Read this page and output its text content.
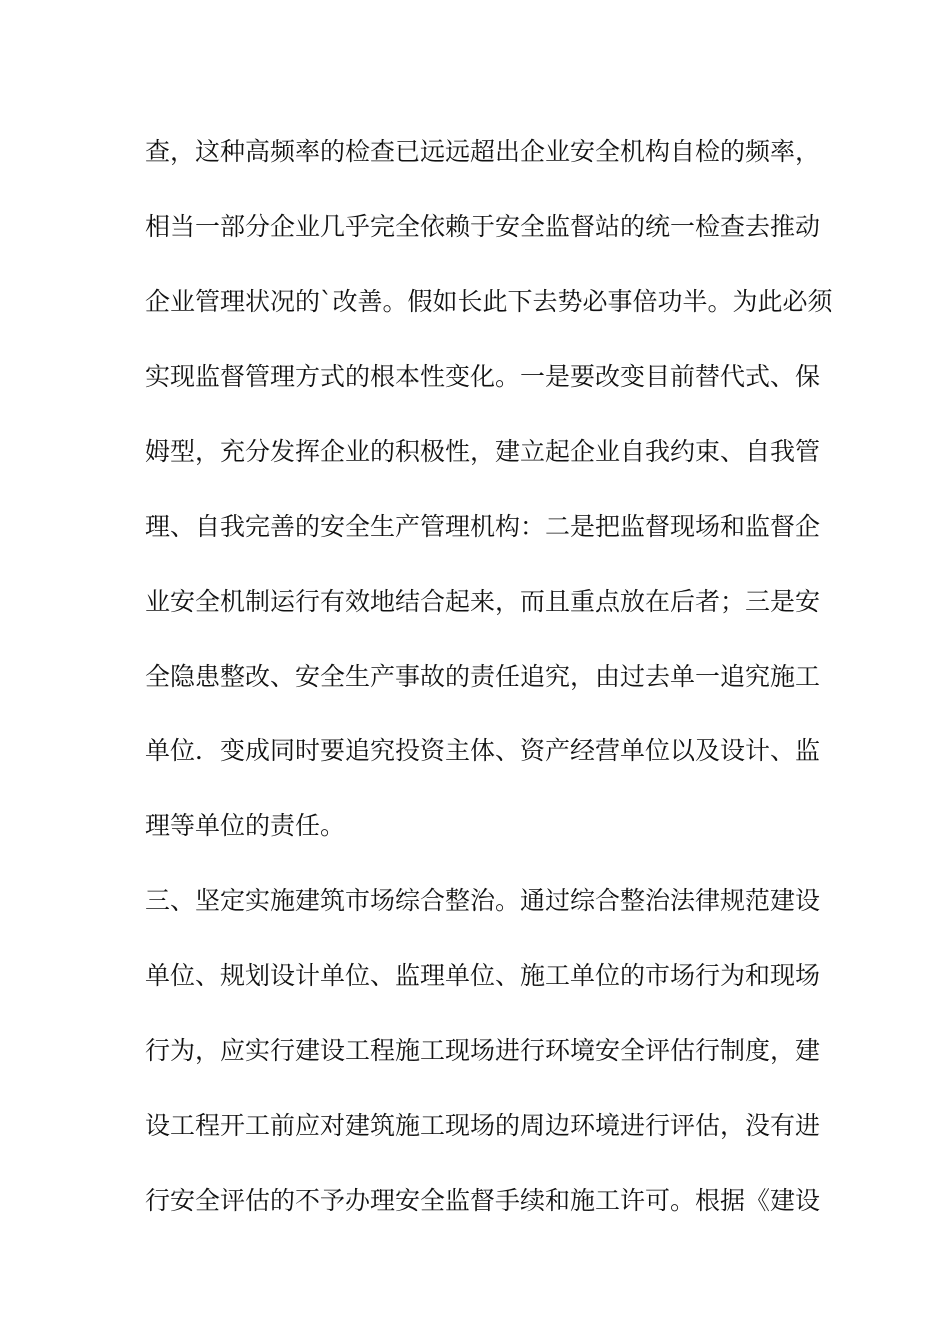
查，这种高频率的检查已远远超出企业安全机构自检的频率，
相当一部分企业几乎完全依赖于安全监督站的统一检查去推动
企业管理状况的`改善。假如长此下去势必事倍功半。为此必须
实现监督管理方式的根本性变化。一是要改变目前替代式、保
姆型，充分发挥企业的积极性，建立起企业自我约束、自我管
理、自我完善的安全生产管理机构：二是把监督现场和监督企
业安全机制运行有效地结合起来，而且重点放在后者；三是安
全隐患整改、安全生产事故的责任追究，由过去单一追究施工
单位．变成同时要追究投资主体、资产经营单位以及设计、监
理等单位的责任。
三、坚定实施建筑市场综合整治。通过综合整治法律规范建设
单位、规划设计单位、监理单位、施工单位的市场行为和现场
行为，应实行建设工程施工现场进行环境安全评估行制度，建
设工程开工前应对建筑施工现场的周边环境进行评估，没有进
行安全评估的不予办理安全监督手续和施工许可。根据《建设
